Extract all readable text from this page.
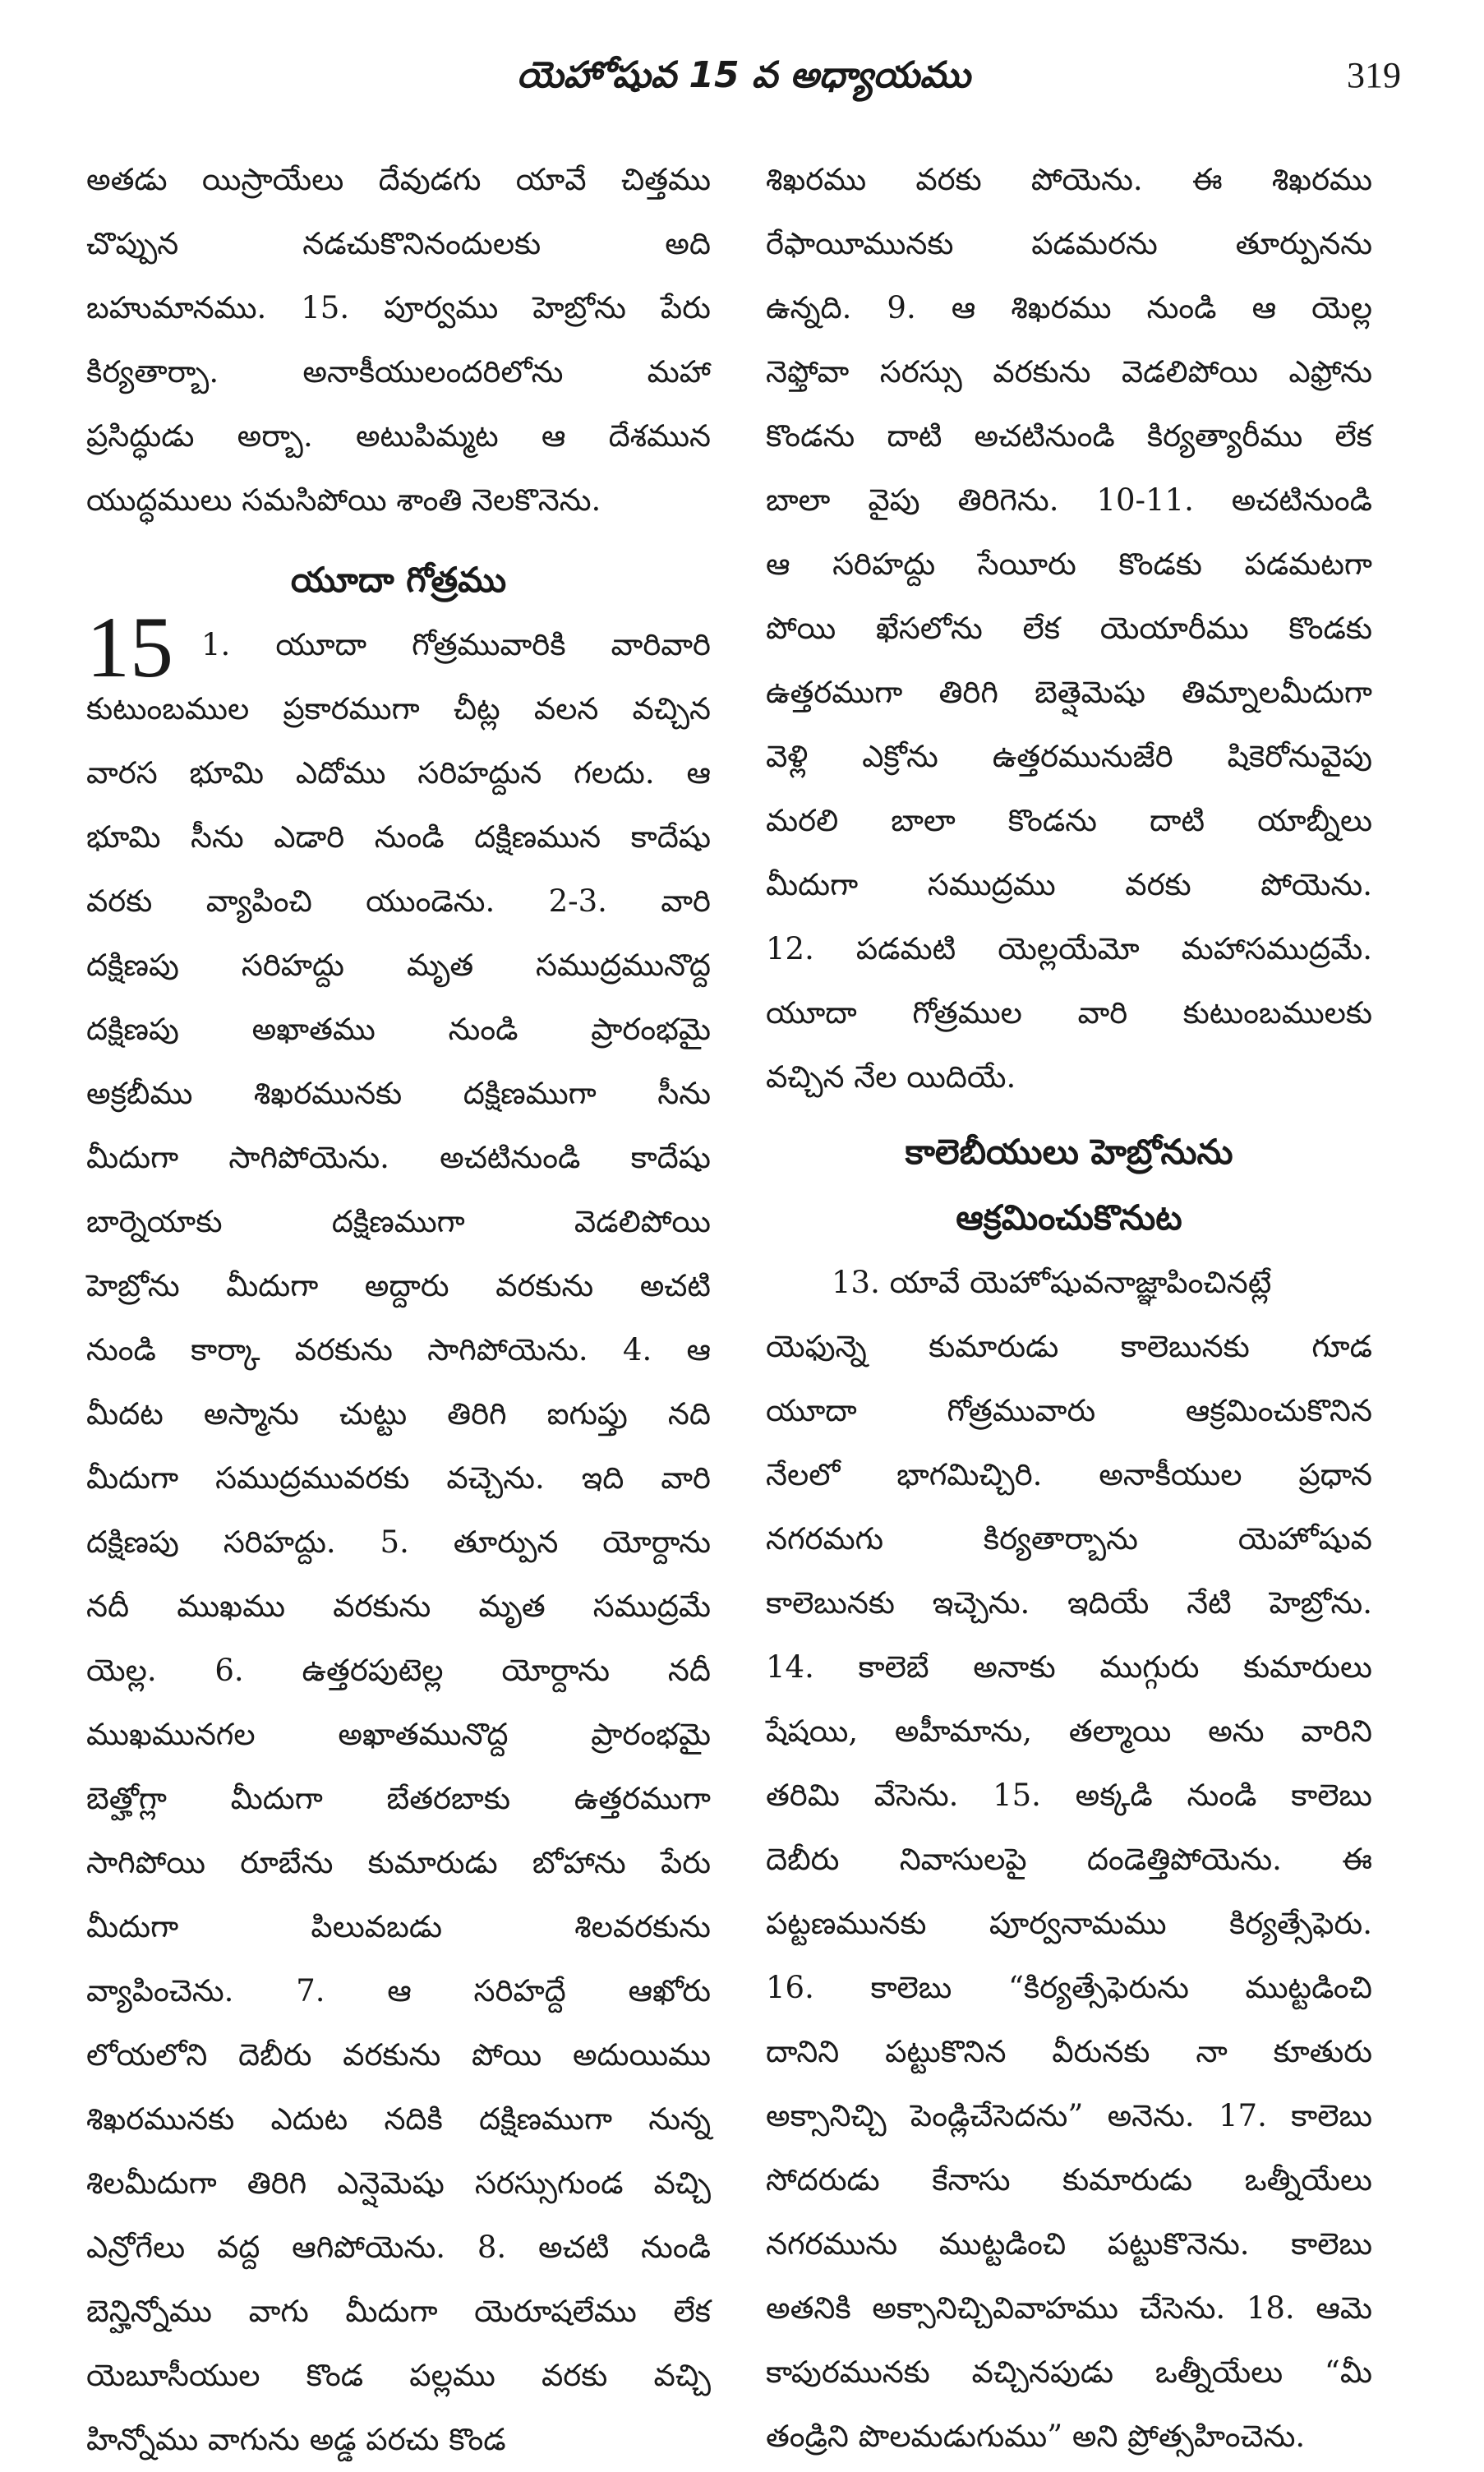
యెహోషువ 15 వ అధ్యాయము	319
అతడు యిస్రాయేలు దేవుడగు యావే చిత్తము
చొప్పున నడచుకొనినందులకు అది
బహుమానము. 15. పూర్వము హెబ్రోను పేరు
కిర్యతార్బా. అనాకీయులందరిలోను మహా
ప్రసిద్ధుడు అర్బా. అటుపిమ్మట ఆ దేశమున
యుద్ధములు సమసిపోయి శాంతి నెలకొనెను.
యూదా గోత్రము
15 1. యూదా గోత్రమువారికి వారివారి
కుటుంబముల ప్రకారముగా చీట్ల వలన వచ్చిన
వారస భూమి ఎదోము సరిహద్దున గలదు. ఆ
భూమి సీను ఎడారి నుండి దక్షిణమున కాదేషు
వరకు వ్యాపించి యుండెను. 2-3. వారి
దక్షిణపు సరిహద్దు మృత సముద్రమునొద్ద
దక్షిణపు అఖాతము నుండి ప్రారంభమై
అక్రబీము శిఖరమునకు దక్షిణముగా సీను
మీదుగా సాగిపోయెను. అచటినుండి కాదేషు
బార్నెయాకు దక్షిణముగా వెడలిపోయి
హెబ్రోను మీదుగా అద్దారు వరకును అచటి
నుండి కార్కా వరకును సాగిపోయెను. 4. ఆ
మీదట అస్మాను చుట్టు తిరిగి ఐగుప్తు నది
మీదుగా సముద్రమువరకు వచ్చెను. ఇది వారి
దక్షిణపు సరిహద్దు. 5. తూర్పున యోర్దాను
నదీ ముఖము వరకును మృత సముద్రమే
యెల్ల. 6. ఉత్తరపుటెల్ల యోర్దాను నదీ
ముఖమునగల అఖాతమునొద్ద ప్రారంభమై
బెత్హోగ్లా మీదుగా బేతరబాకు ఉత్తరముగా
సాగిపోయి రూబేను కుమారుడు బోహాను పేరు
మీదుగా పిలువబడు శిలవరకును
వ్యాపించెను. 7. ఆ సరిహద్దే ఆఖోరు
లోయలోని దెబీరు వరకును పోయి అదుయిము
శిఖరమునకు ఎదుట నదికి దక్షిణముగా నున్న
శిలమీదుగా తిరిగి ఎన్షెమెషు సరస్సుగుండ వచ్చి
ఎన్రోగేలు వద్ద ఆగిపోయెను. 8. అచటి నుండి
బెన్హిన్నోము వాగు మీదుగా యెరూషలేము లేక
యెబూసీయుల కొండ పల్లము వరకు వచ్చి
హిన్నోము వాగును అడ్డ పరచు కొండ
శిఖరము వరకు పోయెను. ఈ శిఖరము
రేఫాయీమునకు పడమరను తూర్పునను
ఉన్నది. 9. ఆ శిఖరము నుండి ఆ యెల్ల
నెఫ్తోవా సరస్సు వరకును వెడలిపోయి ఎఫ్రోను
కొండను దాటి అచటినుండి కిర్యత్యారీము లేక
బాలా వైపు తిరిగెను. 10-11. అచటినుండి
ఆ సరిహద్దు సేయీరు కొండకు పడమటగా
పోయి ఖేసలోను లేక యెయారీము కొండకు
ఉత్తరముగా తిరిగి బెత్షెమెషు తిమ్నాలమీదుగా
వెళ్లి ఎక్రోను ఉత్తరమునుజేరి షికెరోనువైపు
మరలి బాలా కొండను దాటి యాబ్నీలు
మీదుగా సముద్రము వరకు పోయెను.
12. పడమటి యెల్లయేమో మహాసముద్రమే.
యూదా గోత్రముల వారి కుటుంబములకు
వచ్చిన నేల యిదియే.
కాలెబీయులు హెబ్రోనును
ఆక్రమించుకొనుట
13. యావే యెహోషువనాజ్ఞాపించినట్లే
యెఫున్నె కుమారుడు కాలెబునకు గూడ
యూదా గోత్రమువారు ఆక్రమించుకొనిన
నేలలో భాగమిచ్చిరి. అనాకీయుల ప్రధాన
నగరమగు కిర్యతార్బాను యెహోషువ
కాలెబునకు ఇచ్చెను. ఇదియే నేటి హెబ్రోను.
14. కాలెబే అనాకు ముగ్గురు కుమారులు
షేషయి, అహీమాను, తల్మాయి అను వారిని
తరిమి వేసెను. 15. అక్కడి నుండి కాలెబు
దెబీరు నివాసులపై దండెత్తిపోయెను. ఈ
పట్టణమునకు పూర్వనామము కిర్యత్సేఫెరు.
16. కాలెబు “కిర్యత్సేఫెరును ముట్టడించి
దానిని పట్టుకొనిన వీరునకు నా కూతురు
అక్సానిచ్చి పెండ్లిచేసెదను” అనెను. 17. కాలెబు
సోదరుడు కేనాసు కుమారుడు ఒత్నీయేలు
నగరమును ముట్టడించి పట్టుకొనెను. కాలెబు
అతనికి అక్సానిచ్చివివాహము చేసెను. 18. ఆమె
కాపురమునకు వచ్చినపుడు ఒత్నీయేలు “మీ
తండ్రిని పొలమడుగుము” అని ప్రోత్సహించెను.
